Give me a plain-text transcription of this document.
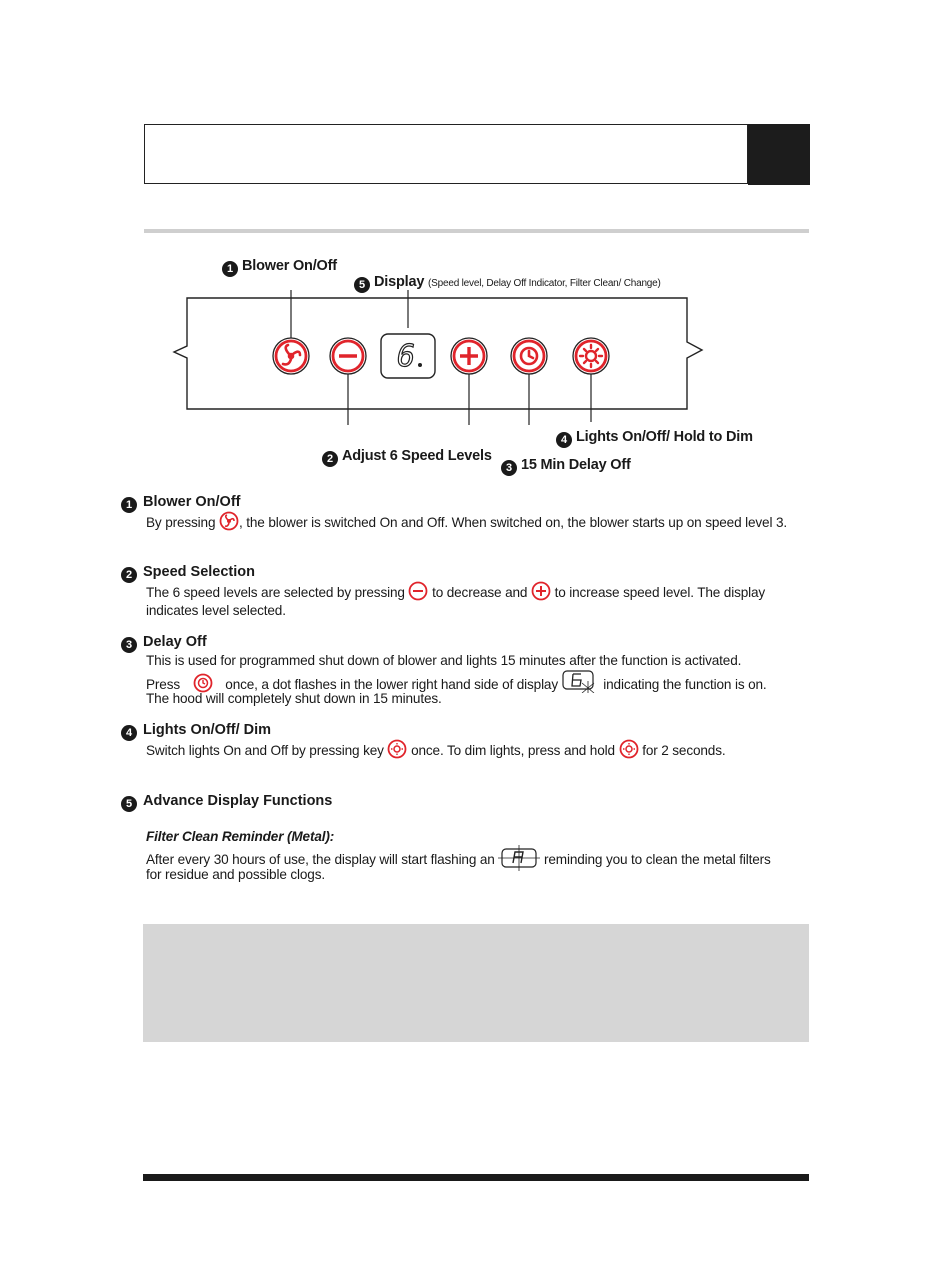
6
1 Blower On/Off
5 Display (Speed level, Delay Off Indicator, Filter Clean/ Change)
4 Lights On/Off/ Hold to Dim
2 Adjust 6 Speed Levels
3 15 Min Delay Off
1 Blower On/Off
By pressing , the blower is switched On and Off. When switched on, the blower starts up on speed level 3.
2 Speed Selection
The 6 speed levels are selected by pressing to decrease and to increase speed level. The display
indicates level selected.
3 Delay Off
This is used for programmed shut down of blower and lights 15 minutes after the function is activated.
Press	once, a dot flashes in the lower right hand side of display	indicating the function is on.
The hood will completely shut down in 15 minutes.
4 Lights On/Off/ Dim
Switch lights On and Off by pressing key once. To dim lights, press and hold for 2 seconds.
5 Advance Display Functions
Filter Clean Reminder (Metal):
After every 30 hours of use, the display will start flashing an	reminding you to clean the metal filters
for residue and possible clogs.
